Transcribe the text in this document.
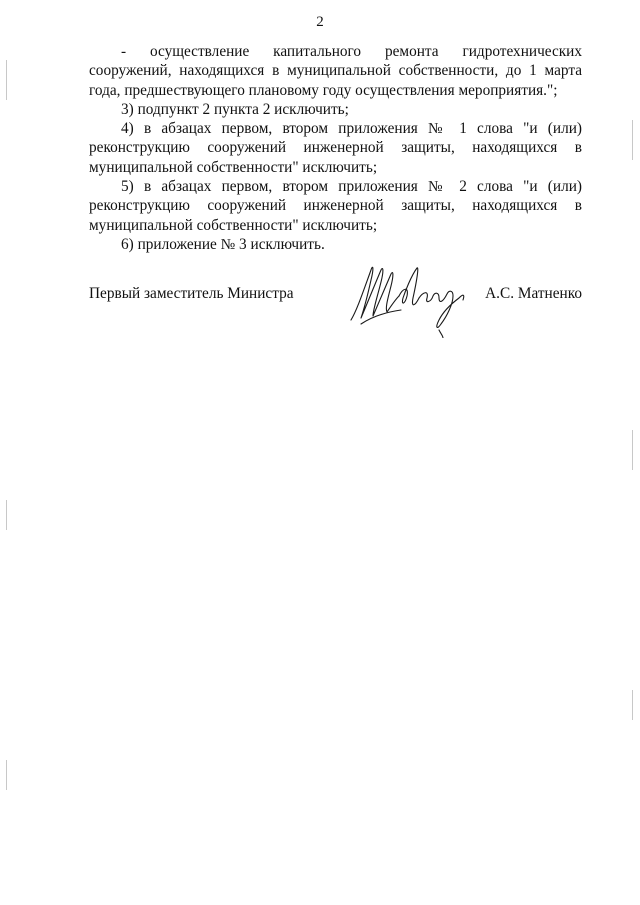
2

- осуществление капитального ремонта гидротехнических сооружений, находящихся в муниципальной собственности, до 1 марта года, предшествующего плановому году осуществления мероприятия.";

3) подпункт 2 пункта 2 исключить;

4) в абзацах первом, втором приложения № 1 слова "и (или) реконструкцию сооружений инженерной защиты, находящихся в муниципальной собственности" исключить;

5) в абзацах первом, втором приложения № 2 слова "и (или) реконструкцию сооружений инженерной защиты, находящихся в муниципальной собственности" исключить;

6) приложение № 3 исключить.

Первый заместитель Министра	А.С. Матненко
